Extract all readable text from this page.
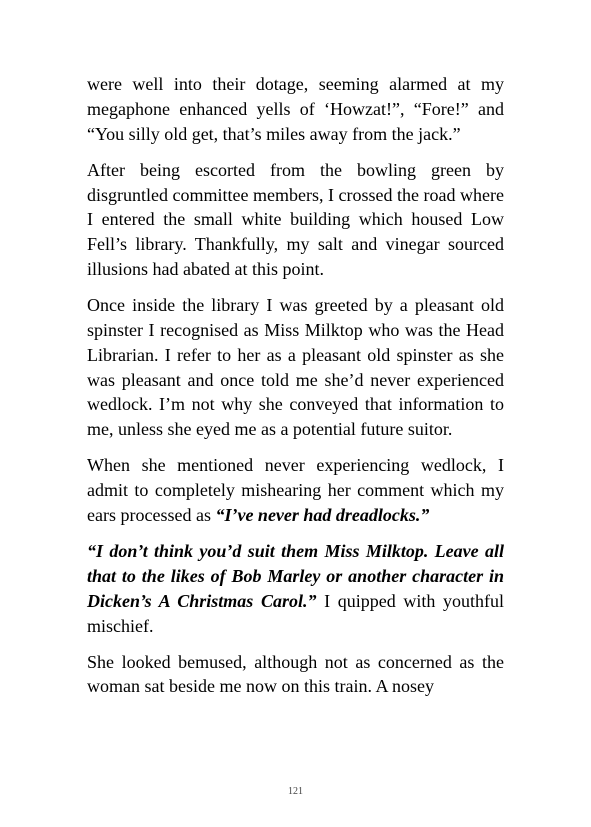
were well into their dotage, seeming alarmed at my megaphone enhanced yells of ‘Howzat!”, “Fore!” and “You silly old get, that’s miles away from the jack.”

After being escorted from the bowling green by disgruntled committee members, I crossed the road where I entered the small white building which housed Low Fell’s library. Thankfully, my salt and vinegar sourced illusions had abated at this point.

Once inside the library I was greeted by a pleasant old spinster I recognised as Miss Milktop who was the Head Librarian. I refer to her as a pleasant old spinster as she was pleasant and once told me she’d never experienced wedlock. I’m not why she conveyed that information to me, unless she eyed me as a potential future suitor.

When she mentioned never experiencing wedlock, I admit to completely mishearing her comment which my ears processed as “I’ve never had dreadlocks.”

“I don’t think you’d suit them Miss Milktop. Leave all that to the likes of Bob Marley or another character in Dicken’s A Christmas Carol.” I quipped with youthful mischief.

She looked bemused, although not as concerned as the woman sat beside me now on this train. A nosey

121
